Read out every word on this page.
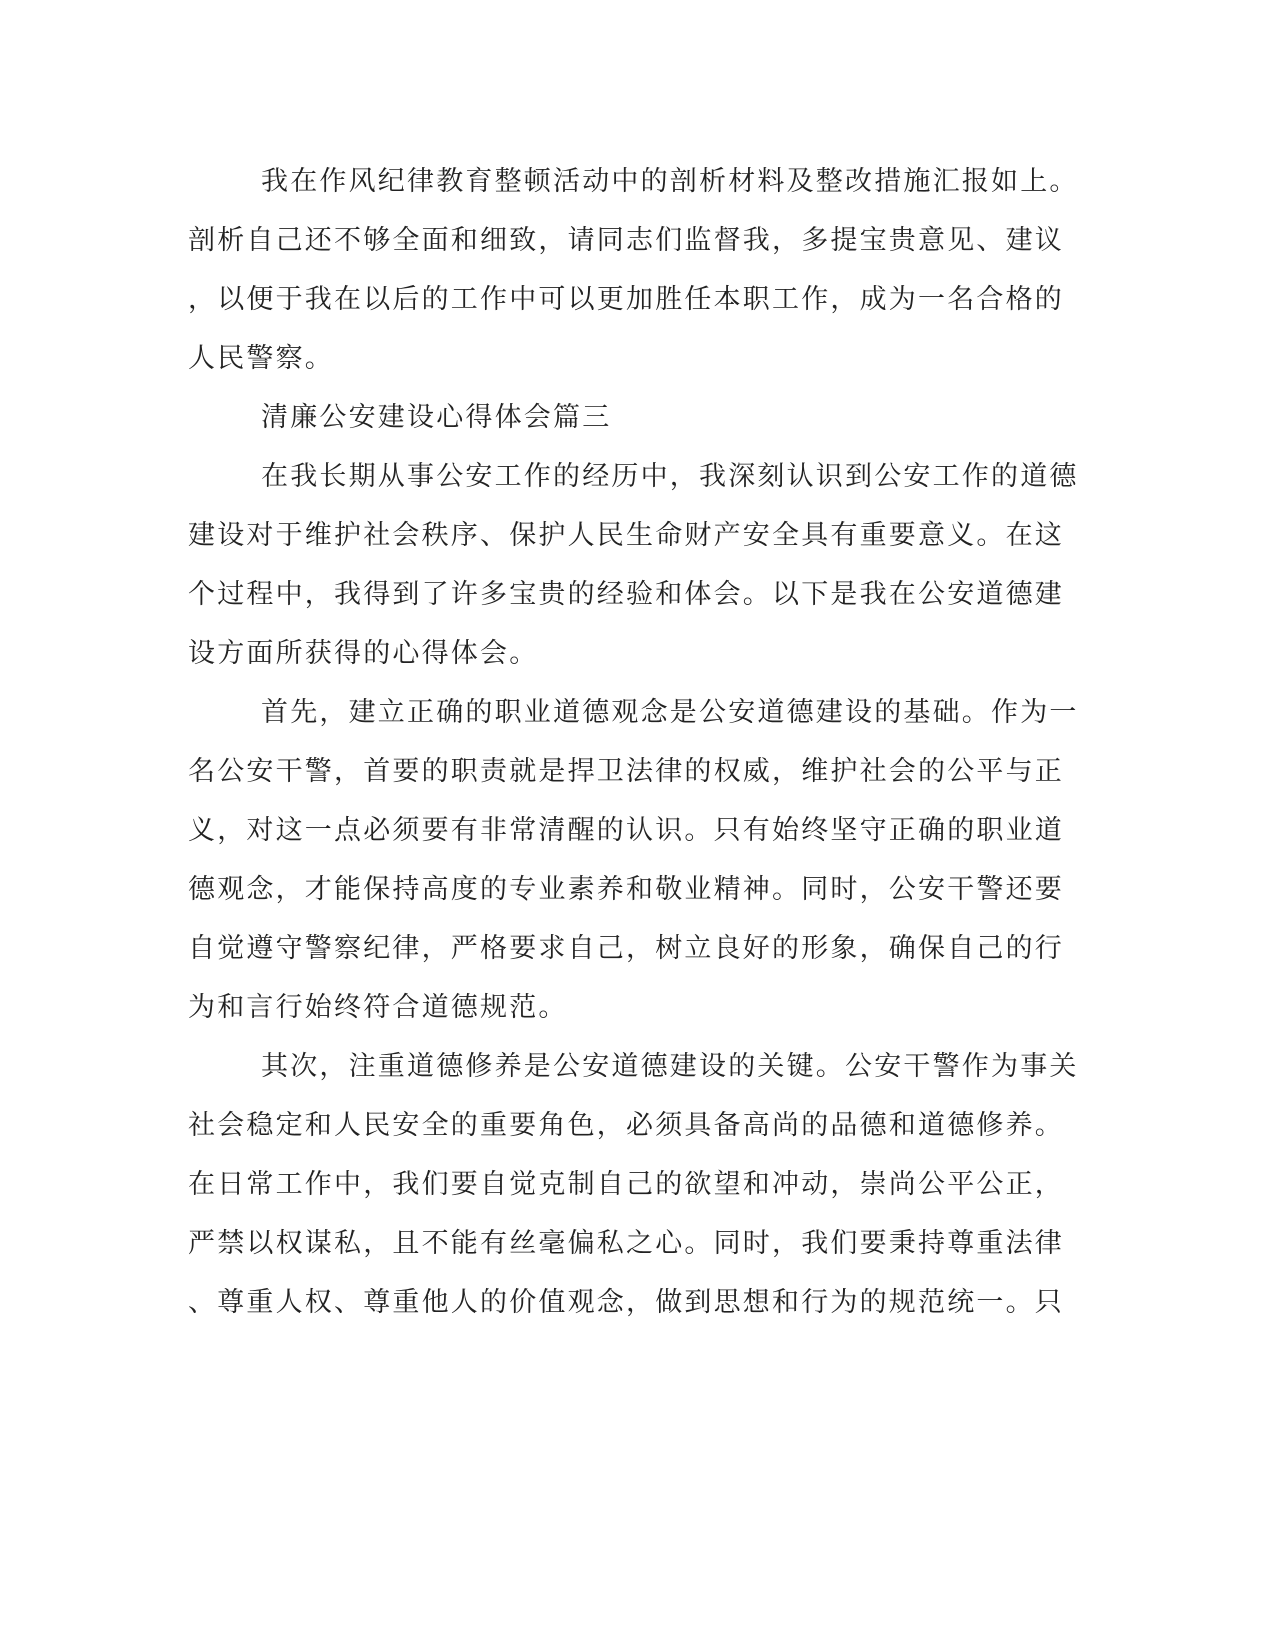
我在作风纪律教育整顿活动中的剖析材料及整改措施汇报如上。
剖析自己还不够全面和细致，请同志们监督我，多提宝贵意见、建议
，以便于我在以后的工作中可以更加胜任本职工作，成为一名合格的
人民警察。
清廉公安建设心得体会篇三
在我长期从事公安工作的经历中，我深刻认识到公安工作的道德
建设对于维护社会秩序、保护人民生命财产安全具有重要意义。在这
个过程中，我得到了许多宝贵的经验和体会。以下是我在公安道德建
设方面所获得的心得体会。
首先，建立正确的职业道德观念是公安道德建设的基础。作为一
名公安干警，首要的职责就是捍卫法律的权威，维护社会的公平与正
义，对这一点必须要有非常清醒的认识。只有始终坚守正确的职业道
德观念，才能保持高度的专业素养和敬业精神。同时，公安干警还要
自觉遵守警察纪律，严格要求自己，树立良好的形象，确保自己的行
为和言行始终符合道德规范。
其次，注重道德修养是公安道德建设的关键。公安干警作为事关
社会稳定和人民安全的重要角色，必须具备高尚的品德和道德修养。
在日常工作中，我们要自觉克制自己的欲望和冲动，崇尚公平公正，
严禁以权谋私，且不能有丝毫偏私之心。同时，我们要秉持尊重法律
、尊重人权、尊重他人的价值观念，做到思想和行为的规范统一。只
